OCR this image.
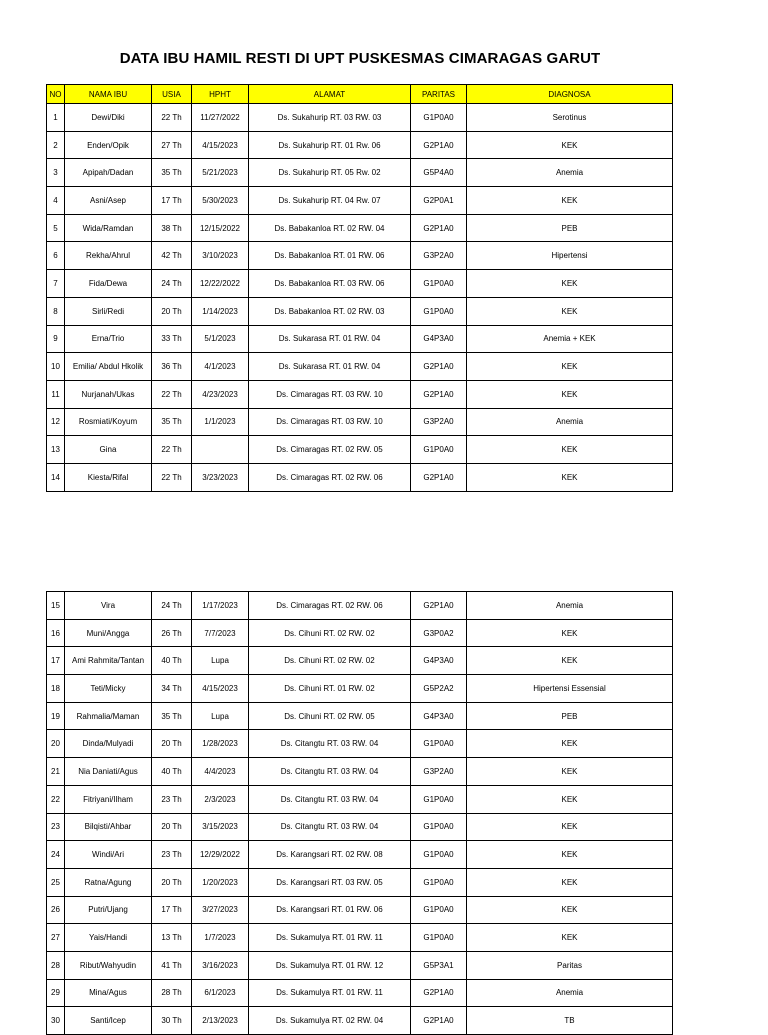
DATA IBU HAMIL RESTI DI UPT PUSKESMAS CIMARAGAS GARUT
NO	NAMA IBU	USIA	HPHT	ALAMAT	PARITAS	DIAGNOSA
1	Dewi/Diki	22 Th	11/27/2022	Ds. Sukahurip RT. 03 RW. 03	G1P0A0	Serotinus
2	Enden/Opik	27 Th	4/15/2023	Ds. Sukahurip RT. 01 Rw. 06	G2P1A0	KEK
3	Apipah/Dadan	35 Th	5/21/2023	Ds. Sukahurip RT. 05 Rw. 02	G5P4A0	Anemia
4	Asni/Asep	17 Th	5/30/2023	Ds. Sukahurip RT. 04 Rw. 07	G2P0A1	KEK
5	Wida/Ramdan	38 Th	12/15/2022	Ds. Babakanloa RT. 02 RW. 04	G2P1A0	PEB
6	Rekha/Ahrul	42 Th	3/10/2023	Ds. Babakanloa RT. 01 RW. 06	G3P2A0	Hipertensi
7	Fida/Dewa	24 Th	12/22/2022	Ds. Babakanloa RT. 03 RW. 06	G1P0A0	KEK
8	Sirli/Redi	20 Th	1/14/2023	Ds. Babakanloa RT. 02 RW. 03	G1P0A0	KEK
9	Erna/Trio	33 Th	5/1/2023	Ds. Sukarasa RT. 01 RW. 04	G4P3A0	Anemia + KEK
10	Emilia/ Abdul Hkolik	36 Th	4/1/2023	Ds. Sukarasa RT. 01 RW. 04	G2P1A0	KEK
11	Nurjanah/Ukas	22 Th	4/23/2023	Ds. Cimaragas RT. 03 RW. 10	G2P1A0	KEK
12	Rosmiati/Koyum	35 Th	1/1/2023	Ds. Cimaragas RT. 03 RW. 10	G3P2A0	Anemia
13	Gina	22 Th		Ds. Cimaragas RT. 02 RW. 05	G1P0A0	KEK
14	Kiesta/Rifal	22 Th	3/23/2023	Ds. Cimaragas RT. 02 RW. 06	G2P1A0	KEK
15	Vira	24 Th	1/17/2023	Ds. Cimaragas RT. 02 RW. 06	G2P1A0	Anemia
16	Muni/Angga	26 Th	7/7/2023	Ds. Cihuni RT. 02 RW. 02	G3P0A2	KEK
17	Ami Rahmita/Tantan	40 Th	Lupa	Ds. Cihuni RT. 02 RW. 02	G4P3A0	KEK
18	Teti/Micky	34 Th	4/15/2023	Ds. Cihuni RT. 01 RW. 02	G5P2A2	Hipertensi Essensial
19	Rahmalia/Maman	35 Th	Lupa	Ds. Cihuni RT. 02 RW. 05	G4P3A0	PEB
20	Dinda/Mulyadi	20 Th	1/28/2023	Ds. Citangtu RT. 03 RW. 04	G1P0A0	KEK
21	Nia Daniati/Agus	40 Th	4/4/2023	Ds. Citangtu RT. 03 RW. 04	G3P2A0	KEK
22	Fitriyani/Ilham	23 Th	2/3/2023	Ds. Citangtu RT. 03 RW. 04	G1P0A0	KEK
23	Bilqisti/Ahbar	20 Th	3/15/2023	Ds. Citangtu RT. 03 RW. 04	G1P0A0	KEK
24	Windi/Ari	23 Th	12/29/2022	Ds. Karangsari RT. 02 RW. 08	G1P0A0	KEK
25	Ratna/Agung	20 Th	1/20/2023	Ds. Karangsari RT. 03 RW. 05	G1P0A0	KEK
26	Putri/Ujang	17 Th	3/27/2023	Ds. Karangsari RT. 01 RW. 06	G1P0A0	KEK
27	Yais/Handi	13 Th	1/7/2023	Ds. Sukamulya RT. 01 RW. 11	G1P0A0	KEK
28	Ribut/Wahyudin	41 Th	3/16/2023	Ds. Sukamulya RT. 01 RW. 12	G5P3A1	Paritas
29	Mina/Agus	28 Th	6/1/2023	Ds. Sukamulya RT. 01 RW. 11	G2P1A0	Anemia
30	Santi/Icep	30 Th	2/13/2023	Ds. Sukamulya RT. 02 RW. 04	G2P1A0	TB
